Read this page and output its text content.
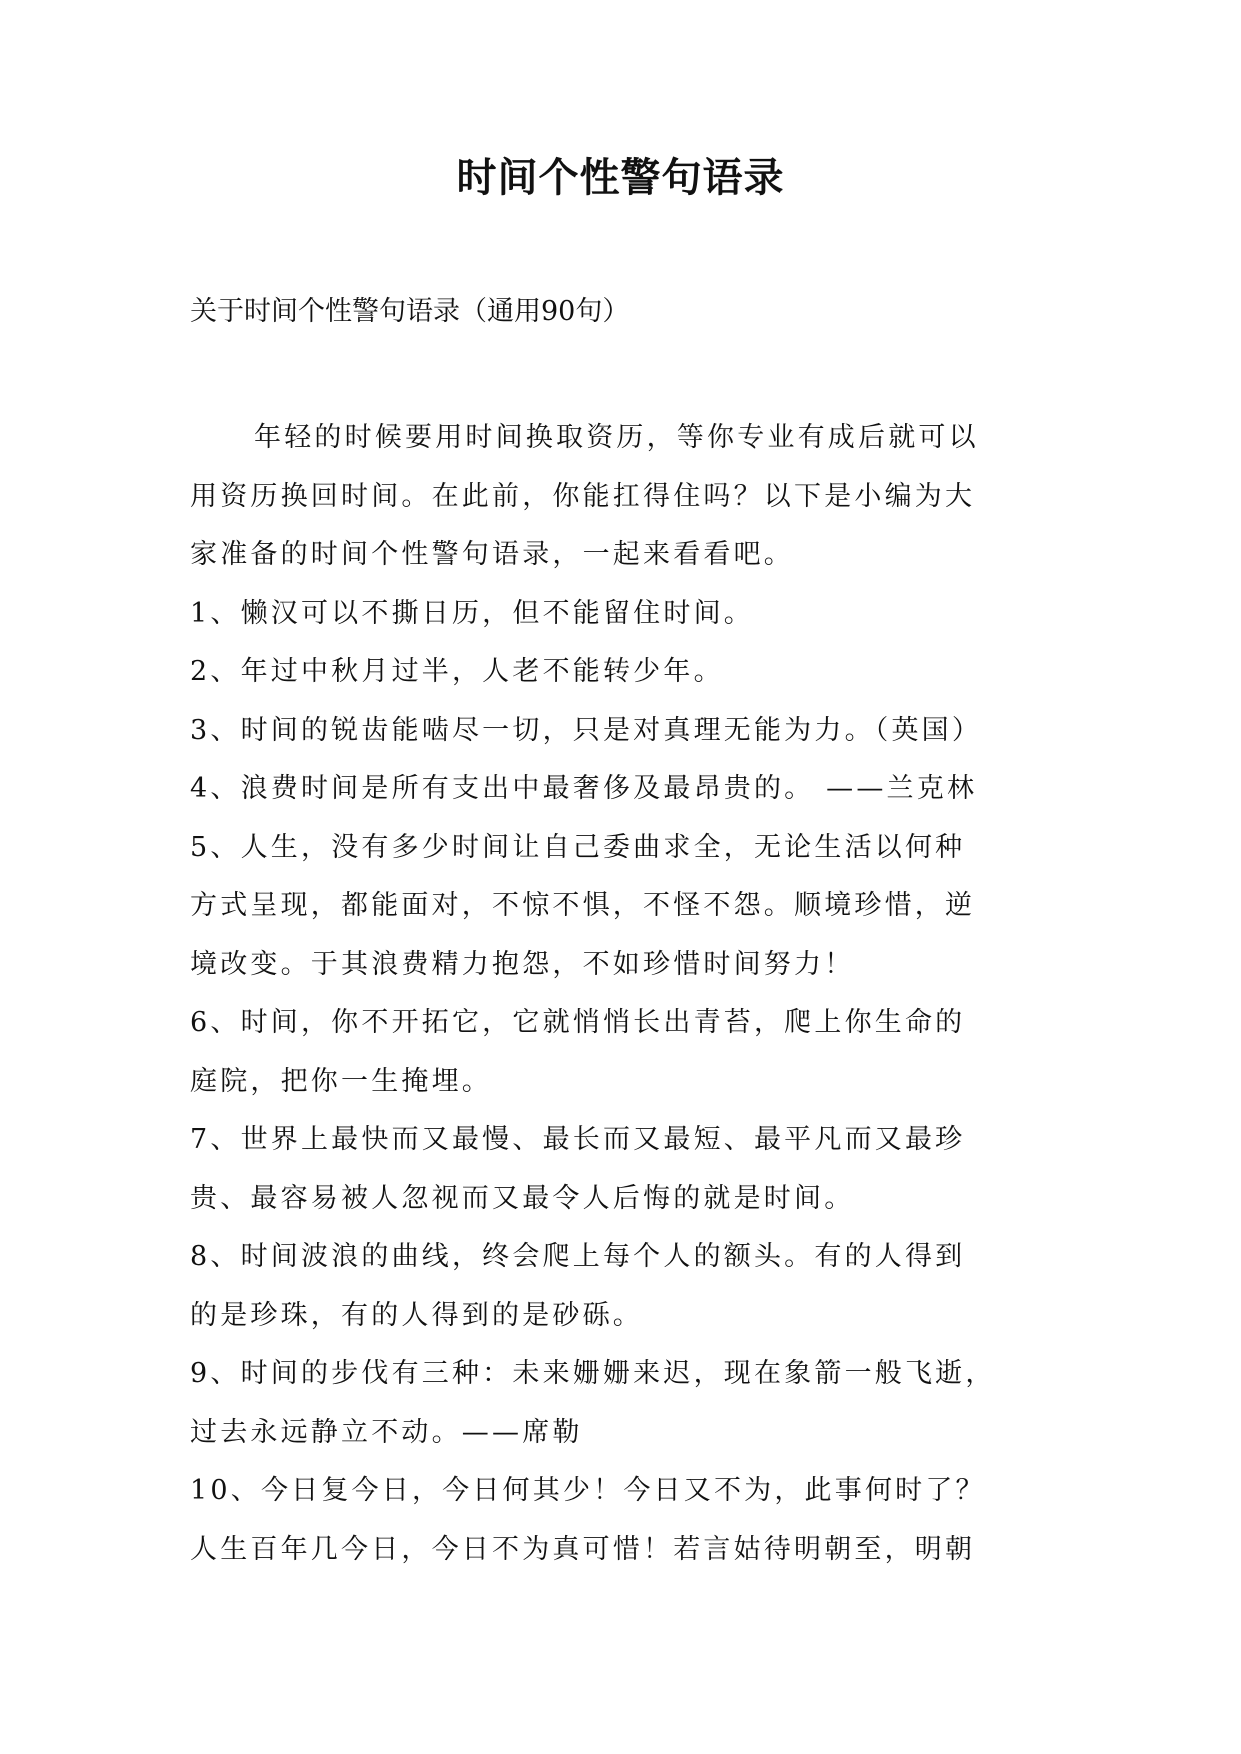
时间个性警句语录

关于时间个性警句语录（通用90句）

年轻的时候要用时间换取资历，等你专业有成后就可以
用资历换回时间。在此前，你能扛得住吗？以下是小编为大
家准备的时间个性警句语录，一起来看看吧。
1、懒汉可以不撕日历，但不能留住时间。
2、年过中秋月过半，人老不能转少年。
3、时间的锐齿能啮尽一切，只是对真理无能为力。（英国）
4、浪费时间是所有支出中最奢侈及最昂贵的。 ——兰克林
5、人生，没有多少时间让自己委曲求全，无论生活以何种
方式呈现，都能面对，不惊不惧，不怪不怨。顺境珍惜，逆
境改变。于其浪费精力抱怨，不如珍惜时间努力！
6、时间，你不开拓它，它就悄悄长出青苔，爬上你生命的
庭院，把你一生掩埋。
7、世界上最快而又最慢、最长而又最短、最平凡而又最珍
贵、最容易被人忽视而又最令人后悔的就是时间。
8、时间波浪的曲线，终会爬上每个人的额头。有的人得到
的是珍珠，有的人得到的是砂砾。
9、时间的步伐有三种：未来姗姗来迟，现在象箭一般飞逝，
过去永远静立不动。——席勒
10、今日复今日，今日何其少！今日又不为，此事何时了？
人生百年几今日，今日不为真可惜！若言姑待明朝至，明朝
